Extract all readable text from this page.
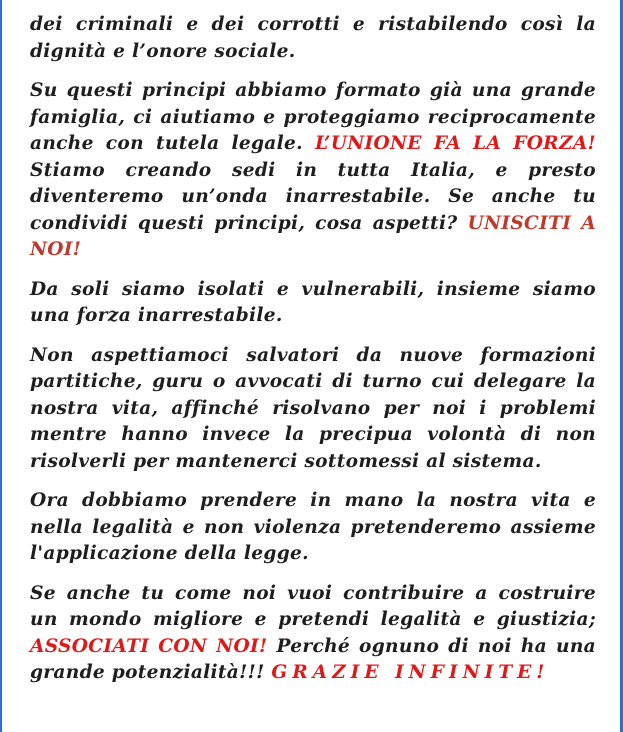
dei criminali e dei corrotti e ristabilendo così la dignità e l’onore sociale.

Su questi principi abbiamo formato già una grande famiglia, ci aiutiamo e proteggiamo reciprocamente anche con tutela legale. L’UNIONE FA LA FORZA! Stiamo creando sedi in tutta Italia, e presto diventeremo un’onda inarrestabile. Se anche tu condividi questi principi, cosa aspetti? UNISCITI A NOI!

Da soli siamo isolati e vulnerabili, insieme siamo una forza inarrestabile.

Non aspettiamoci salvatori da nuove formazioni partitiche, guru o avvocati di turno cui delegare la nostra vita, affinché risolvano per noi i problemi mentre hanno invece la precipua volontà di non risolverli per mantenerci sottomessi al sistema.

Ora dobbiamo prendere in mano la nostra vita e nella legalità e non violenza pretenderemo assieme l'applicazione della legge.

Se anche tu come noi vuoi contribuire a costruire un mondo migliore e pretendi legalità e giustizia; ASSOCIATI CON NOI! Perché ognuno di noi ha una grande potenzialità!!! GRAZIE INFINITE!
